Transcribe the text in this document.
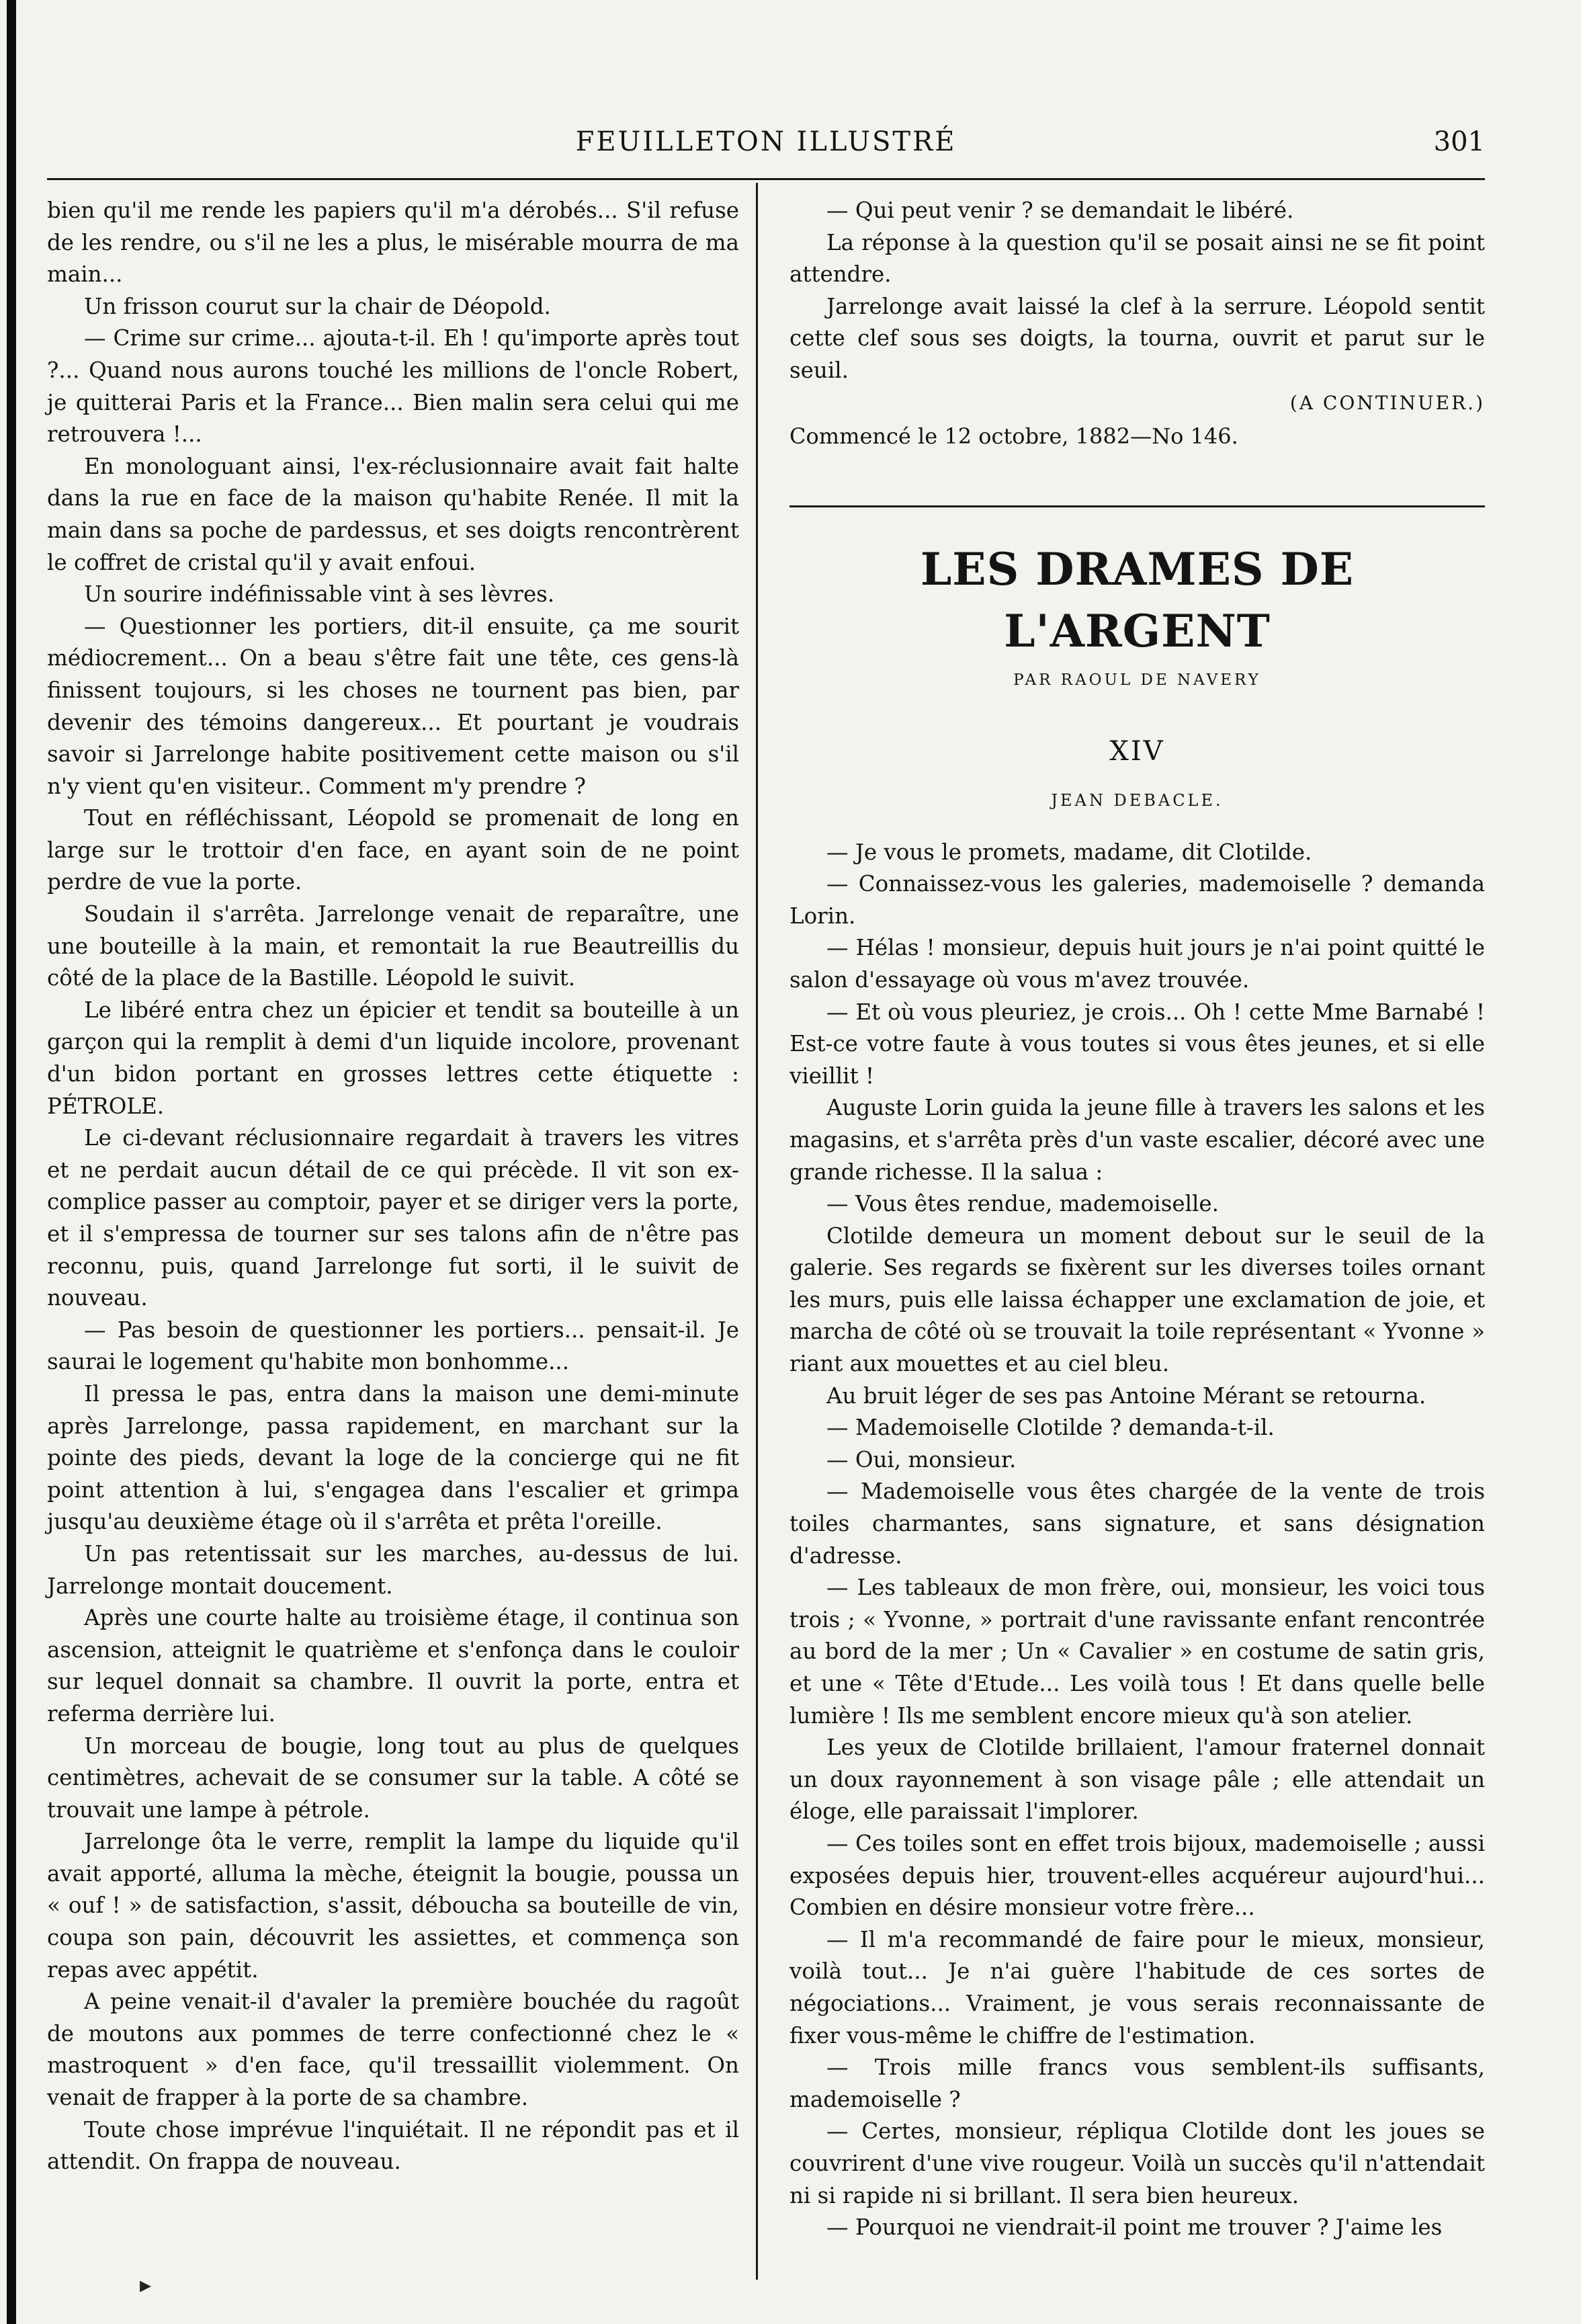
FEUILLETON ILLUSTRÉ	301

bien qu'il me rende les papiers qu'il m'a dérobés... S'il refuse de les rendre, ou s'il ne les a plus, le misérable mourra de ma main...

Un frisson courut sur la chair de Déopold.

— Crime sur crime... ajouta-t-il. Eh ! qu'importe après tout ?... Quand nous aurons touché les millions de l'oncle Robert, je quitterai Paris et la France... Bien malin sera celui qui me retrouvera !...

En monologuant ainsi, l'ex-réclusionnaire avait fait halte dans la rue en face de la maison qu'habite Renée. Il mit la main dans sa poche de pardessus, et ses doigts rencontrèrent le coffret de cristal qu'il y avait enfoui.

Un sourire indéfinissable vint à ses lèvres.

— Questionner les portiers, dit-il ensuite, ça me sourit médiocrement... On a beau s'être fait une tête, ces gens-là finissent toujours, si les choses ne tournent pas bien, par devenir des témoins dangereux... Et pourtant je voudrais savoir si Jarrelonge habite positivement cette maison ou s'il n'y vient qu'en visiteur.. Comment m'y prendre ?

Tout en réfléchissant, Léopold se promenait de long en large sur le trottoir d'en face, en ayant soin de ne point perdre de vue la porte.

Soudain il s'arrêta. Jarrelonge venait de reparaître, une une bouteille à la main, et remontait la rue Beautreillis du côté de la place de la Bastille. Léopold le suivit.

Le libéré entra chez un épicier et tendit sa bouteille à un garçon qui la remplit à demi d'un liquide incolore, provenant d'un bidon portant en grosses lettres cette étiquette : PÉTROLE.

Le ci-devant réclusionnaire regardait à travers les vitres et ne perdait aucun détail de ce qui précède. Il vit son ex-complice passer au comptoir, payer et se diriger vers la porte, et il s'empressa de tourner sur ses talons afin de n'être pas reconnu, puis, quand Jarrelonge fut sorti, il le suivit de nouveau.

— Pas besoin de questionner les portiers... pensait-il. Je saurai le logement qu'habite mon bonhomme...

Il pressa le pas, entra dans la maison une demi-minute après Jarrelonge, passa rapidement, en marchant sur la pointe des pieds, devant la loge de la concierge qui ne fit point attention à lui, s'engagea dans l'escalier et grimpa jusqu'au deuxième étage où il s'arrêta et prêta l'oreille.

Un pas retentissait sur les marches, au-dessus de lui. Jarrelonge montait doucement.

Après une courte halte au troisième étage, il continua son ascension, atteignit le quatrième et s'enfonça dans le couloir sur lequel donnait sa chambre. Il ouvrit la porte, entra et referma derrière lui.

Un morceau de bougie, long tout au plus de quelques centimètres, achevait de se consumer sur la table. A côté se trouvait une lampe à pétrole.

Jarrelonge ôta le verre, remplit la lampe du liquide qu'il avait apporté, alluma la mèche, éteignit la bougie, poussa un « ouf ! » de satisfaction, s'assit, déboucha sa bouteille de vin, coupa son pain, découvrit les assiettes, et commença son repas avec appétit.

A peine venait-il d'avaler la première bouchée du ragoût de moutons aux pommes de terre confectionné chez le « mastroquent » d'en face, qu'il tressaillit violemment. On venait de frapper à la porte de sa chambre.

Toute chose imprévue l'inquiétait. Il ne répondit pas et il attendit. On frappa de nouveau.

— Qui peut venir ? se demandait le libéré.

La réponse à la question qu'il se posait ainsi ne se fit point attendre.

Jarrelonge avait laissé la clef à la serrure. Léopold sentit cette clef sous ses doigts, la tourna, ouvrit et parut sur le seuil.

(A CONTINUER.)

Commencé le 12 octobre, 1882—No 146.

LES DRAMES DE L'ARGENT

PAR RAOUL DE NAVERY

XIV

JEAN DEBACLE.

— Je vous le promets, madame, dit Clotilde.

— Connaissez-vous les galeries, mademoiselle ? demanda Lorin.

— Hélas ! monsieur, depuis huit jours je n'ai point quitté le salon d'essayage où vous m'avez trouvée.

— Et où vous pleuriez, je crois... Oh ! cette Mme Barnabé ! Est-ce votre faute à vous toutes si vous êtes jeunes, et si elle vieillit !

Auguste Lorin guida la jeune fille à travers les salons et les magasins, et s'arrêta près d'un vaste escalier, décoré avec une grande richesse. Il la salua :

— Vous êtes rendue, mademoiselle.

Clotilde demeura un moment debout sur le seuil de la galerie. Ses regards se fixèrent sur les diverses toiles ornant les murs, puis elle laissa échapper une exclamation de joie, et marcha de côté où se trouvait la toile représentant « Yvonne » riant aux mouettes et au ciel bleu.

Au bruit léger de ses pas Antoine Mérant se retourna.

— Mademoiselle Clotilde ? demanda-t-il.

— Oui, monsieur.

— Mademoiselle vous êtes chargée de la vente de trois toiles charmantes, sans signature, et sans désignation d'adresse.

— Les tableaux de mon frère, oui, monsieur, les voici tous trois ; « Yvonne, » portrait d'une ravissante enfant rencontrée au bord de la mer ; Un « Cavalier » en costume de satin gris, et une « Tête d'Etude... Les voilà tous ! Et dans quelle belle lumière ! Ils me semblent encore mieux qu'à son atelier.

Les yeux de Clotilde brillaient, l'amour fraternel donnait un doux rayonnement à son visage pâle ; elle attendait un éloge, elle paraissait l'implorer.

— Ces toiles sont en effet trois bijoux, mademoiselle ; aussi exposées depuis hier, trouvent-elles acquéreur aujourd'hui... Combien en désire monsieur votre frère...

— Il m'a recommandé de faire pour le mieux, monsieur, voilà tout... Je n'ai guère l'habitude de ces sortes de négociations... Vraiment, je vous serais reconnaissante de fixer vous-même le chiffre de l'estimation.

— Trois mille francs vous semblent-ils suffisants, mademoiselle ?

— Certes, monsieur, répliqua Clotilde dont les joues se couvrirent d'une vive rougeur. Voilà un succès qu'il n'attendait ni si rapide ni si brillant. Il sera bien heureux.

— Pourquoi ne viendrait-il point me trouver ? J'aime les

▸
